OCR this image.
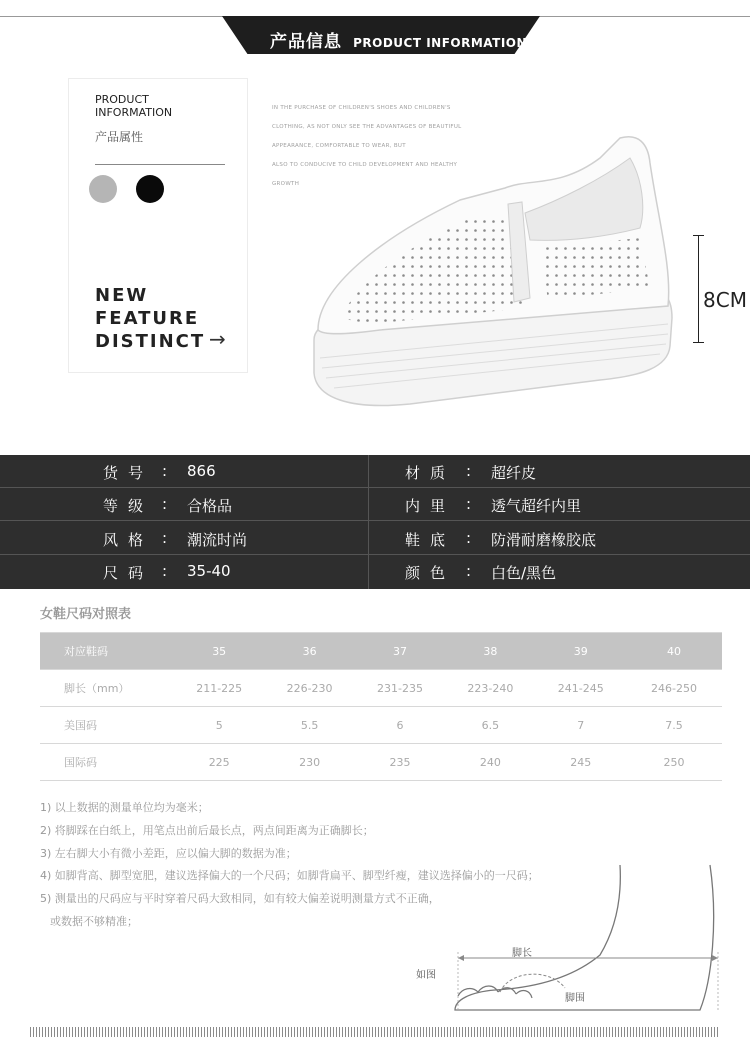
产品信息 PRODUCT INFORMATION
PRODUCT
INFORMATION
产品属性
NEW
FEATURE
DISTINCT →
IN THE PURCHASE OF CHILDREN'S SHOES AND CHILDREN'S
CLOTHING, AS NOT ONLY SEE THE ADVANTAGES OF BEAUTIFUL
APPEARANCE, COMFORTABLE TO WEAR, BUT
ALSO TO CONDUCIVE TO CHILD DEVELOPMENT AND HEALTHY
GROWTH
8CM
货号 : 866	材质 : 超纤皮
等级 : 合格品	内里 : 透气超纤内里
风格 : 潮流时尚	鞋底 : 防滑耐磨橡胶底
尺码 : 35-40	颜色 : 白色/黑色
女鞋尺码对照表
对应鞋码	35	36	37	38	39	40
脚长（mm）	211-225	226-230	231-235	223-240	241-245	246-250
美国码	5	5.5	6	6.5	7	7.5
国际码	225	230	235	240	245	250
1) 以上数据的测量单位均为毫米；
2) 将脚踩在白纸上，用笔点出前后最长点，两点间距离为正确脚长；
3) 左右脚大小有微小差距，应以偏大脚的数据为准；
4) 如脚背高、脚型宽肥，建议选择偏大的一个尺码；如脚背扁平、脚型纤瘦，建议选择偏小的一尺码；
5) 测量出的尺码应与平时穿着尺码大致相同，如有较大偏差说明测量方式不正确，
或数据不够精准；
脚长
如图
脚围
